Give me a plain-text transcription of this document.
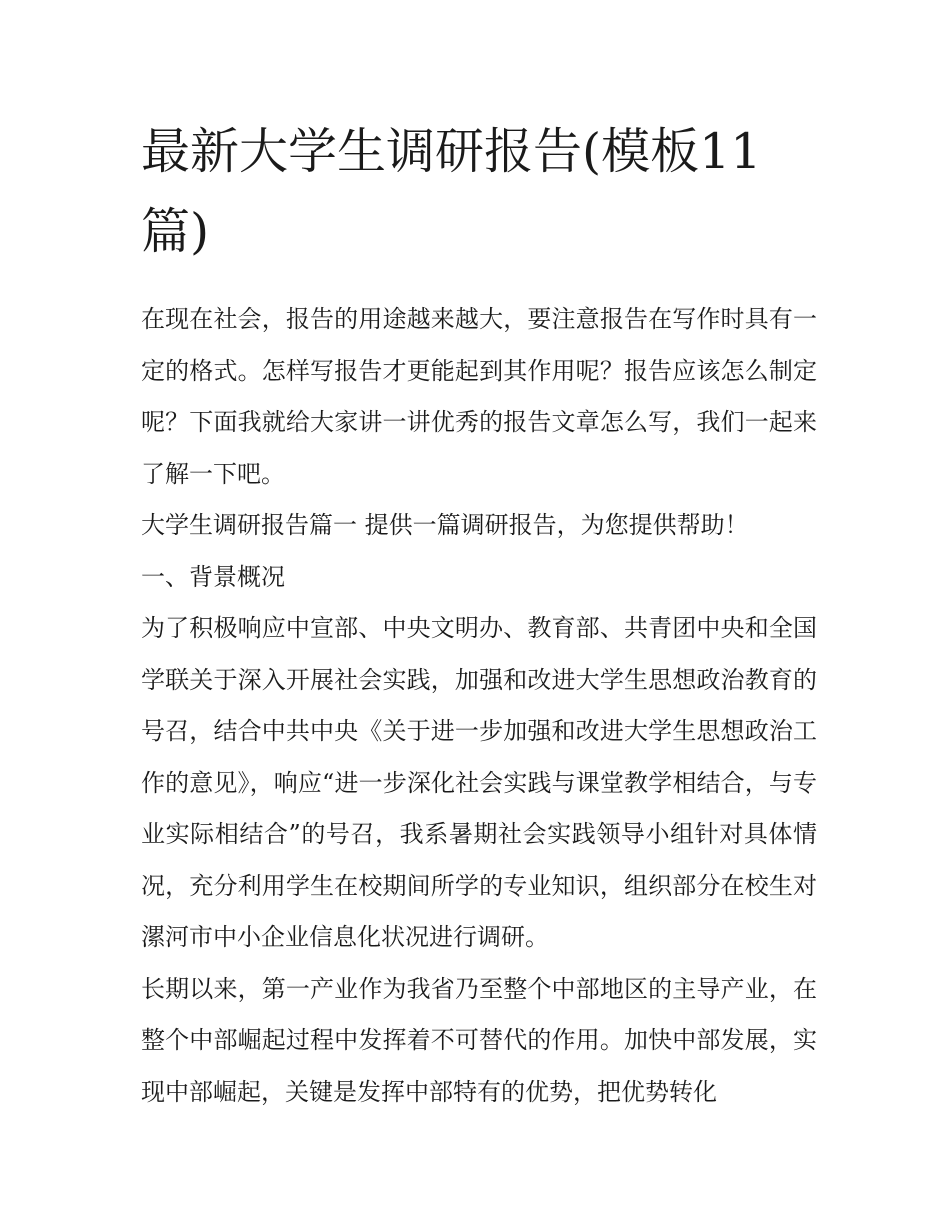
最新大学生调研报告(模板11篇)

在现在社会，报告的用途越来越大，要注意报告在写作时具有一定的格式。怎样写报告才更能起到其作用呢？报告应该怎么制定呢？下面我就给大家讲一讲优秀的报告文章怎么写，我们一起来了解一下吧。

大学生调研报告篇一 提供一篇调研报告，为您提供帮助！

一、背景概况

为了积极响应中宣部、中央文明办、教育部、共青团中央和全国学联关于深入开展社会实践，加强和改进大学生思想政治教育的号召，结合中共中央《关于进一步加强和改进大学生思想政治工作的意见》，响应“进一步深化社会实践与课堂教学相结合，与专业实际相结合”的号召，我系暑期社会实践领导小组针对具体情况，充分利用学生在校期间所学的专业知识，组织部分在校生对漯河市中小企业信息化状况进行调研。

长期以来，第一产业作为我省乃至整个中部地区的主导产业，在整个中部崛起过程中发挥着不可替代的作用。加快中部发展，实现中部崛起，关键是发挥中部特有的优势，把优势转化
